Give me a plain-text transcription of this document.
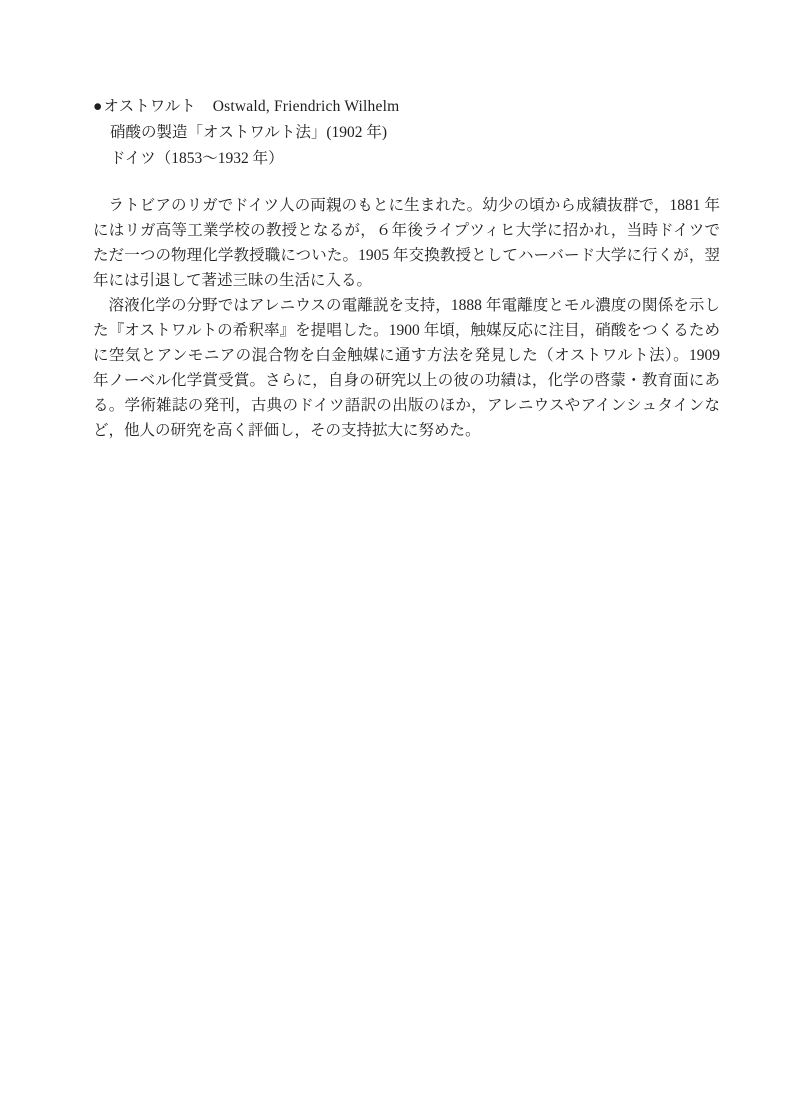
●オストワルト Ostwald, Friendrich Wilhelm
硝酸の製造「オストワルト法」(1902 年)
ドイツ（1853〜1932 年）

ラトビアのリガでドイツ人の両親のもとに生まれた。幼少の頃から成績抜群で，1881 年にはリガ高等工業学校の教授となるが，６年後ライプツィヒ大学に招かれ，当時ドイツでただ一つの物理化学教授職についた。1905 年交換教授としてハーバード大学に行くが，翌年には引退して著述三昧の生活に入る。

溶液化学の分野ではアレニウスの電離説を支持，1888 年電離度とモル濃度の関係を示した『オストワルトの希釈率』を提唱した。1900 年頃，触媒反応に注目，硝酸をつくるために空気とアンモニアの混合物を白金触媒に通す方法を発見した（オストワルト法）。1909 年ノーベル化学賞受賞。さらに，自身の研究以上の彼の功績は，化学の啓蒙・教育面にある。学術雑誌の発刊，古典のドイツ語訳の出版のほか，アレニウスやアインシュタインなど，他人の研究を高く評価し，その支持拡大に努めた。
